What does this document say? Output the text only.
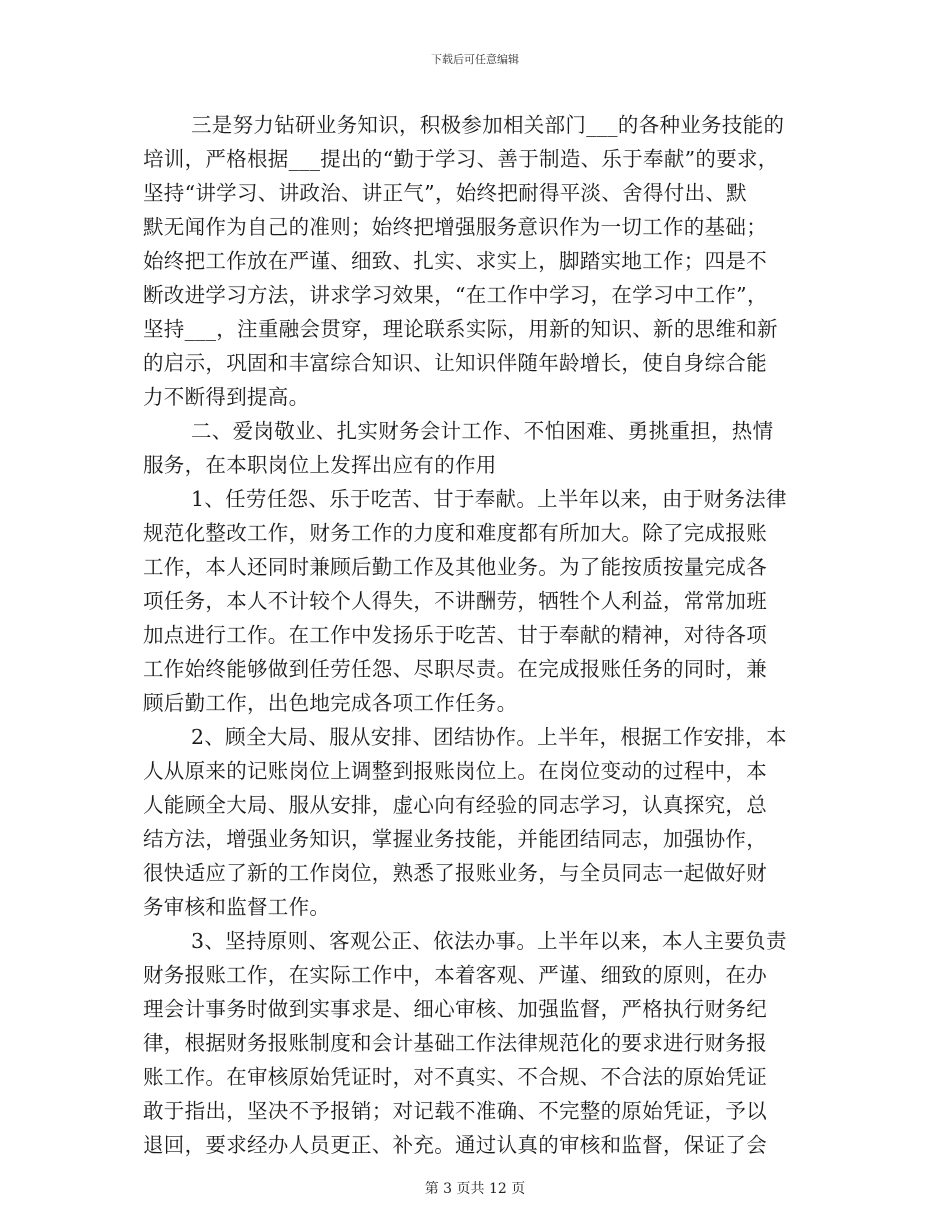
下载后可任意编辑
三是努力钻研业务知识，积极参加相关部门___的各种业务技能的
培训，严格根据___提出的“勤于学习、善于制造、乐于奉献”的要求，
坚持“讲学习、讲政治、讲正气”，始终把耐得平淡、舍得付出、默
默无闻作为自己的准则；始终把增强服务意识作为一切工作的基础；
始终把工作放在严谨、细致、扎实、求实上，脚踏实地工作；四是不
断改进学习方法，讲求学习效果，“在工作中学习，在学习中工作”，
坚持___，注重融会贯穿，理论联系实际，用新的知识、新的思维和新
的启示，巩固和丰富综合知识、让知识伴随年龄增长，使自身综合能
力不断得到提高。
二、爱岗敬业、扎实财务会计工作、不怕困难、勇挑重担，热情
服务，在本职岗位上发挥出应有的作用
1、任劳任怨、乐于吃苦、甘于奉献。上半年以来，由于财务法律
规范化整改工作，财务工作的力度和难度都有所加大。除了完成报账
工作，本人还同时兼顾后勤工作及其他业务。为了能按质按量完成各
项任务，本人不计较个人得失，不讲酬劳，牺牲个人利益，常常加班
加点进行工作。在工作中发扬乐于吃苦、甘于奉献的精神，对待各项
工作始终能够做到任劳任怨、尽职尽责。在完成报账任务的同时，兼
顾后勤工作，出色地完成各项工作任务。
2、顾全大局、服从安排、团结协作。上半年，根据工作安排，本
人从原来的记账岗位上调整到报账岗位上。在岗位变动的过程中，本
人能顾全大局、服从安排，虚心向有经验的同志学习，认真探究，总
结方法，增强业务知识，掌握业务技能，并能团结同志，加强协作，
很快适应了新的工作岗位，熟悉了报账业务，与全员同志一起做好财
务审核和监督工作。
3、坚持原则、客观公正、依法办事。上半年以来，本人主要负责
财务报账工作，在实际工作中，本着客观、严谨、细致的原则，在办
理会计事务时做到实事求是、细心审核、加强监督，严格执行财务纪
律，根据财务报账制度和会计基础工作法律规范化的要求进行财务报
账工作。在审核原始凭证时，对不真实、不合规、不合法的原始凭证
敢于指出，坚决不予报销；对记载不准确、不完整的原始凭证，予以
退回，要求经办人员更正、补充。通过认真的审核和监督，保证了会
第 3 页共 12 页
